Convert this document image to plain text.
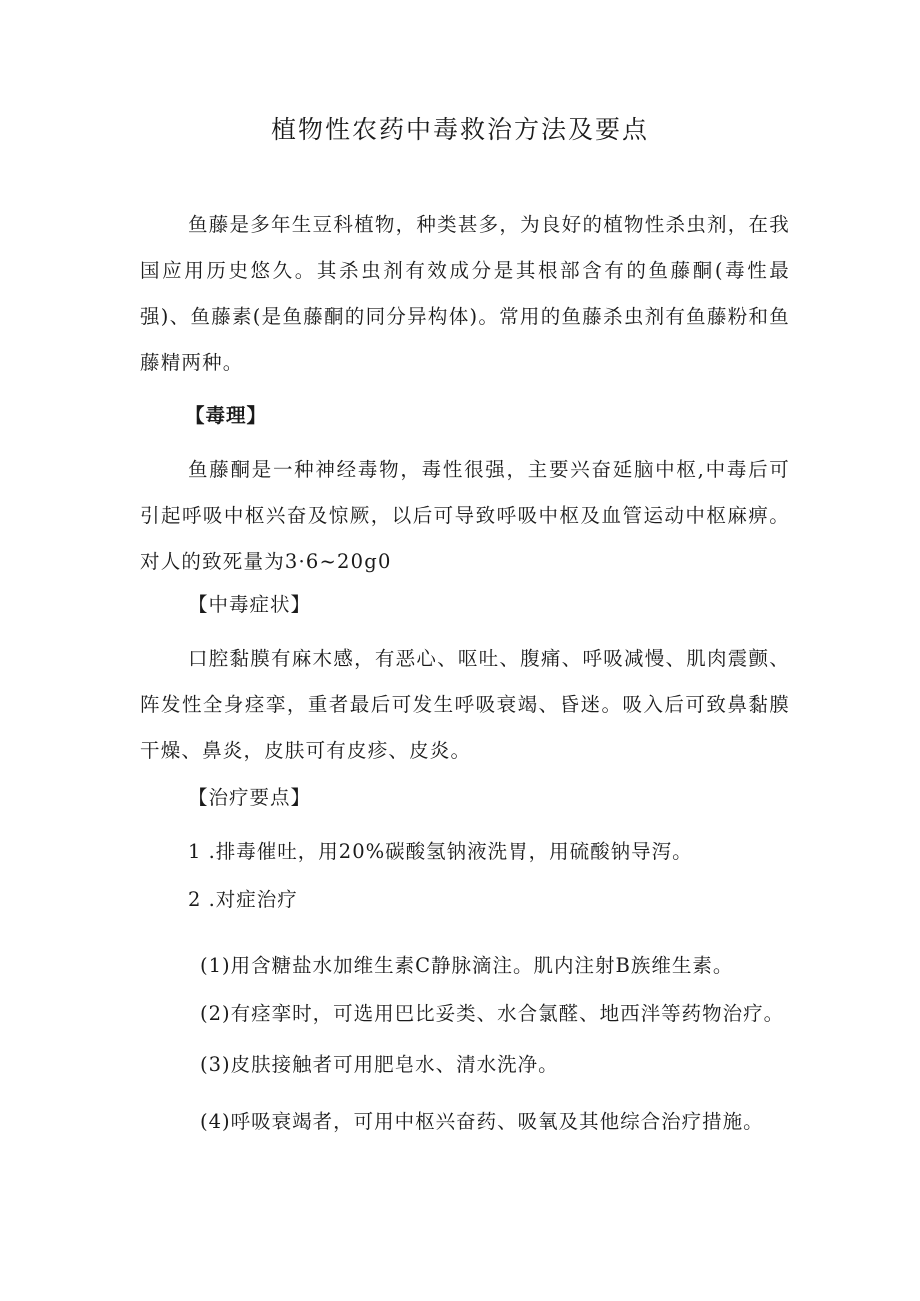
植物性农药中毒救治方法及要点

鱼藤是多年生豆科植物，种类甚多，为良好的植物性杀虫剂，在我国应用历史悠久。其杀虫剂有效成分是其根部含有的鱼藤酮(毒性最强)、鱼藤素(是鱼藤酮的同分异构体)。常用的鱼藤杀虫剂有鱼藤粉和鱼藤精两种。

【毒理】

鱼藤酮是一种神经毒物，毒性很强，主要兴奋延脑中枢,中毒后可引起呼吸中枢兴奋及惊厥，以后可导致呼吸中枢及血管运动中枢麻痹。对人的致死量为3·6~20g0

【中毒症状】

口腔黏膜有麻木感，有恶心、呕吐、腹痛、呼吸减慢、肌肉震颤、阵发性全身痉挛，重者最后可发生呼吸衰竭、昏迷。吸入后可致鼻黏膜干燥、鼻炎，皮肤可有皮疹、皮炎。

【治疗要点】
1 .排毒催吐，用20%碳酸氢钠液洗胃，用硫酸钠导泻。
2 .对症治疗
(1)用含糖盐水加维生素C静脉滴注。肌内注射B族维生素。
(2)有痉挛时，可选用巴比妥类、水合氯醛、地西泮等药物治疗。
(3)皮肤接触者可用肥皂水、清水洗净。
(4)呼吸衰竭者，可用中枢兴奋药、吸氧及其他综合治疗措施。
